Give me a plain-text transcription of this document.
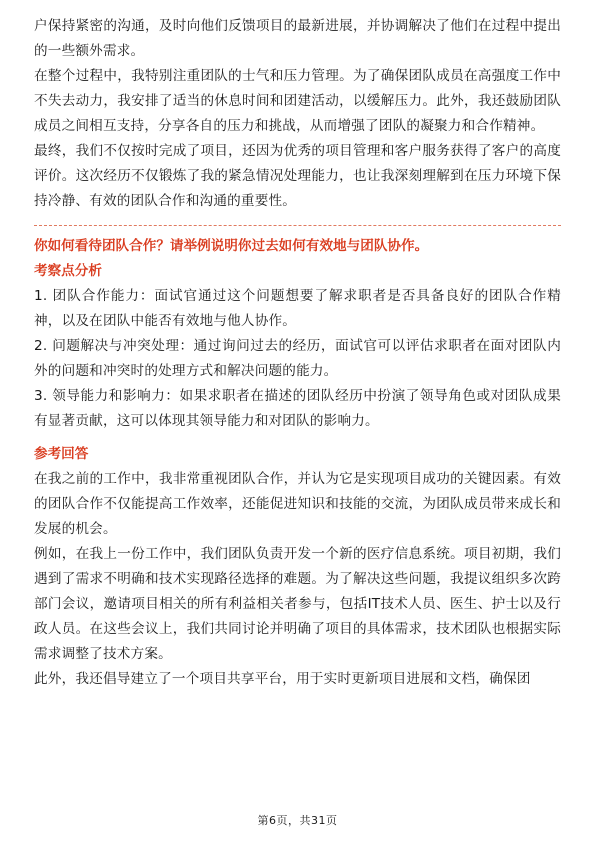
户保持紧密的沟通，及时向他们反馈项目的最新进展，并协调解决了他们在过程中提出的一些额外需求。

在整个过程中，我特别注重团队的士气和压力管理。为了确保团队成员在高强度工作中不失去动力，我安排了适当的休息时间和团建活动，以缓解压力。此外，我还鼓励团队成员之间相互支持，分享各自的压力和挑战，从而增强了团队的凝聚力和合作精神。

最终，我们不仅按时完成了项目，还因为优秀的项目管理和客户服务获得了客户的高度评价。这次经历不仅锻炼了我的紧急情况处理能力，也让我深刻理解到在压力环境下保持冷静、有效的团队合作和沟通的重要性。

你如何看待团队合作？请举例说明你过去如何有效地与团队协作。
考察点分析

1. 团队合作能力：面试官通过这个问题想要了解求职者是否具备良好的团队合作精神，以及在团队中能否有效地与他人协作。

2. 问题解决与冲突处理：通过询问过去的经历，面试官可以评估求职者在面对团队内外的问题和冲突时的处理方式和解决问题的能力。

3. 领导能力和影响力：如果求职者在描述的团队经历中扮演了领导角色或对团队成果有显著贡献，这可以体现其领导能力和对团队的影响力。

参考回答

在我之前的工作中，我非常重视团队合作，并认为它是实现项目成功的关键因素。有效的团队合作不仅能提高工作效率，还能促进知识和技能的交流，为团队成员带来成长和发展的机会。

例如，在我上一份工作中，我们团队负责开发一个新的医疗信息系统。项目初期，我们遇到了需求不明确和技术实现路径选择的难题。为了解决这些问题，我提议组织多次跨部门会议，邀请项目相关的所有利益相关者参与，包括IT技术人员、医生、护士以及行政人员。在这些会议上，我们共同讨论并明确了项目的具体需求，技术团队也根据实际需求调整了技术方案。

此外，我还倡导建立了一个项目共享平台，用于实时更新项目进展和文档，确保团

第6页，共31页
